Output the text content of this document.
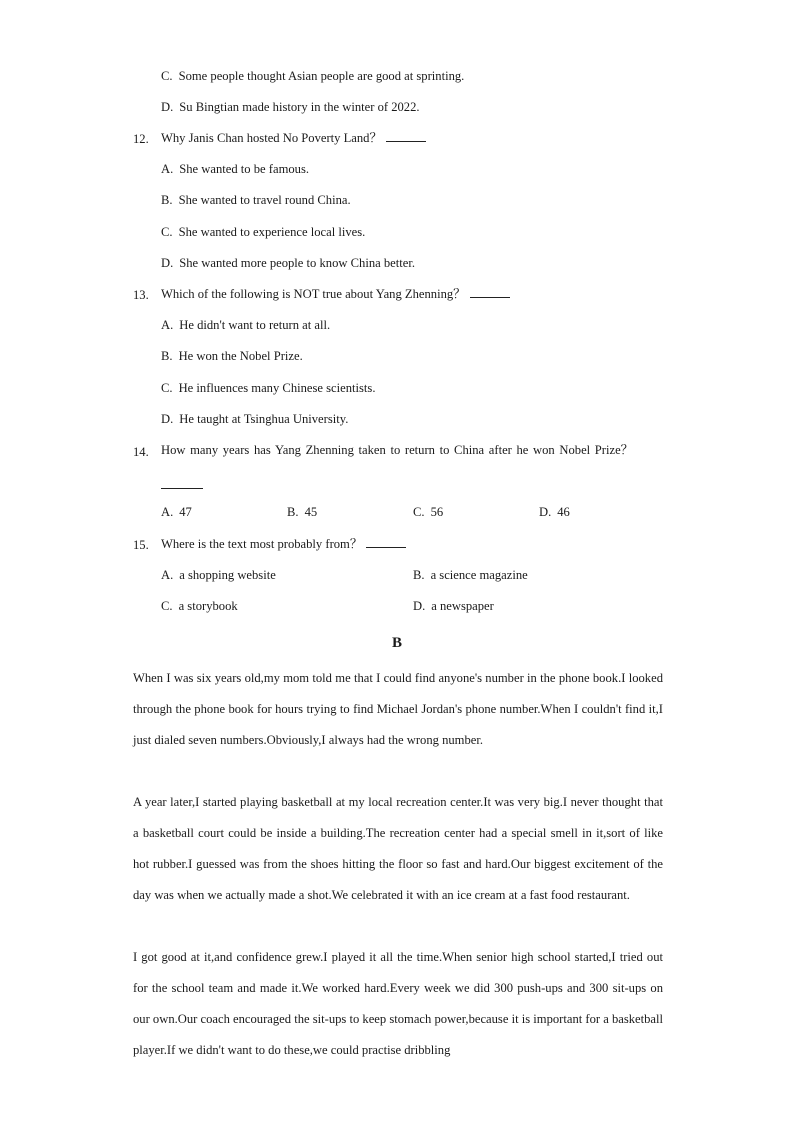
C. Some people thought Asian people are good at sprinting.
D. Su Bingtian made history in the winter of 2022.
12. Why Janis Chan hosted No Poverty Land？
A. She wanted to be famous.
B. She wanted to travel round China.
C. She wanted to experience local lives.
D. She wanted more people to know China better.
13. Which of the following is NOT true about Yang Zhenning？
A. He didn't want to return at all.
B. He won the Nobel Prize.
C. He influences many Chinese scientists.
D. He taught at Tsinghua University.
14. How many years has Yang Zhenning taken to return to China after he won Nobel Prize？
A. 47	B. 45	C. 56	D. 46
15. Where is the text most probably from？
A. a shopping website	B. a science magazine
C. a storybook	D. a newspaper
B
When I was six years old,my mom told me that I could find anyone's number in the phone book.I looked through the phone book for hours trying to find Michael Jordan's phone number.When I couldn't find it,I just dialed seven numbers.Obviously,I always had the wrong number.
A year later,I started playing basketball at my local recreation center.It was very big.I never thought that a basketball court could be inside a building.The recreation center had a special smell in it,sort of like hot rubber.I guessed was from the shoes hitting the floor so fast and hard.Our biggest excitement of the day was when we actually made a shot.We celebrated it with an ice cream at a fast food restaurant.
I got good at it,and confidence grew.I played it all the time.When senior high school started,I tried out for the school team and made it.We worked hard.Every week we did 300 push-ups and 300 sit-ups on our own.Our coach encouraged the sit-ups to keep stomach power,because it is important for a basketball player.If we didn't want to do these,we could practise dribbling
